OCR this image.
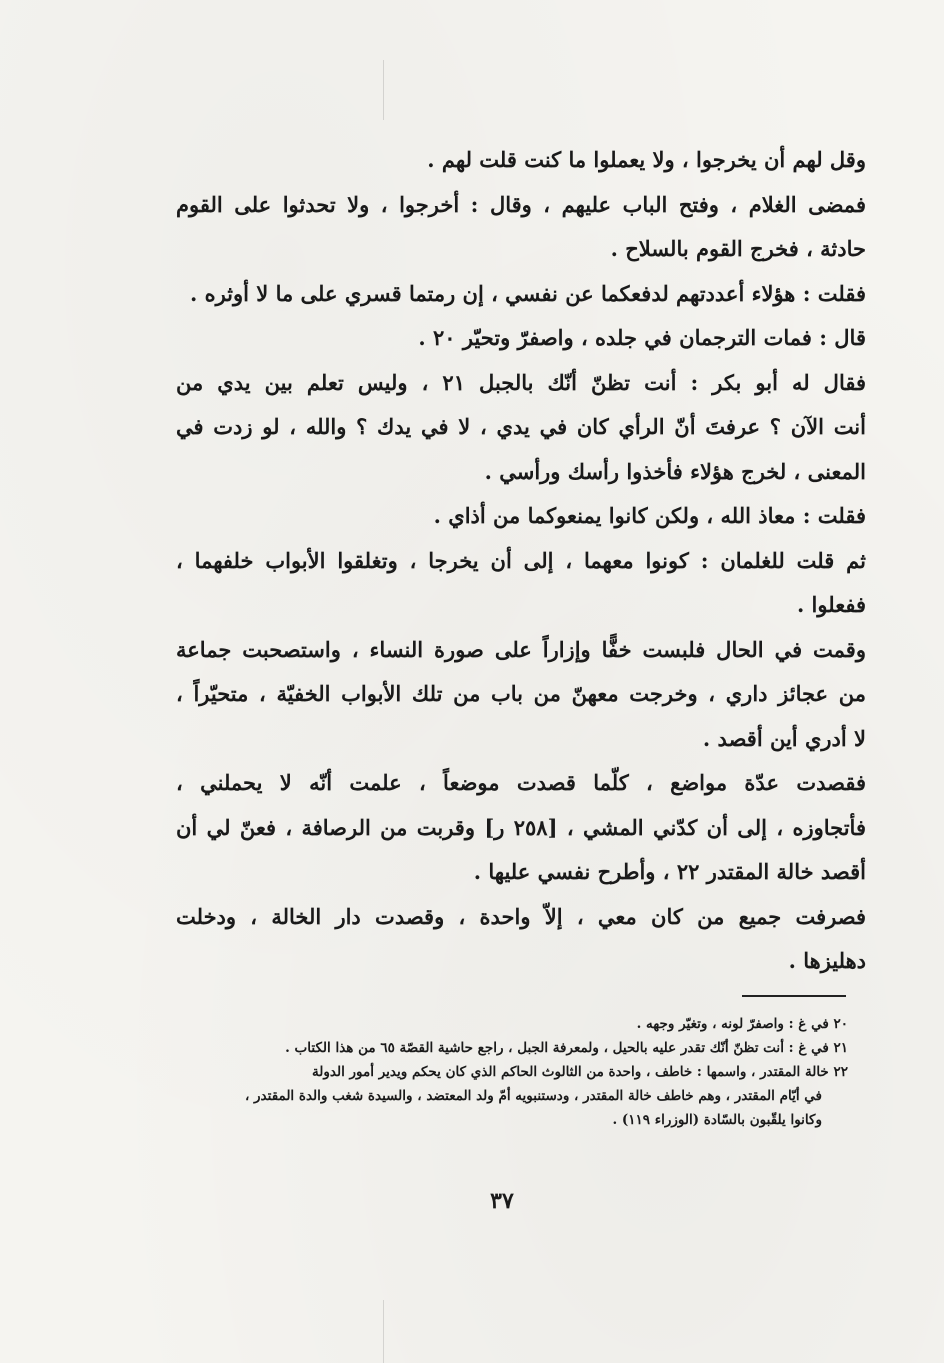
وقل لهم أن يخرجوا ، ولا يعملوا ما كنت قلت لهم .
فمضى الغلام ، وفتح الباب عليهم ، وقال : أخرجوا ، ولا تحدثوا على القوم
حادثة ، فخرج القوم بالسلاح .
فقلت : هؤلاء أعددتهم لدفعكما عن نفسي ، إن رمتما قسري على ما لا أوثره .
قال : فمات الترجمان في جلده ، واصفرّ وتحيّر ٢٠ .
فقال له أبو بكر : أنت تظنّ أنّك بالجبل ٢١ ، وليس تعلم بين يدي من
أنت الآن ؟ عرفتَ أنّ الرأي كان في يدي ، لا في يدك ؟ والله ، لو زدت في
المعنى ، لخرج هؤلاء فأخذوا رأسك ورأسي .
فقلت : معاذ الله ، ولكن كانوا يمنعوكما من أذاي .
ثم قلت للغلمان : كونوا معهما ، إلى أن يخرجا ، وتغلقوا الأبواب خلفهما ،
ففعلوا .
وقمت في الحال فلبست خفًّا وإزاراً على صورة النساء ، واستصحبت جماعة
من عجائز داري ، وخرجت معهنّ من باب من تلك الأبواب الخفيّة ، متحيّراً ،
لا أدري أين أقصد .
فقصدت عدّة مواضع ، كلّما قصدت موضعاً ، علمت أنّه لا يحملني ،
فأتجاوزه ، إلى أن كدّني المشي ، [٢٥٨ ر] وقربت من الرصافة ، فعنّ لي أن
أقصد خالة المقتدر ٢٢ ، وأطرح نفسي عليها .
فصرفت جميع من كان معي ، إلاّ واحدة ، وقصدت دار الخالة ، ودخلت
دهليزها .
٢٠ في غ : واصفرّ لونه ، وتغيّر وجهه .
٢١ في غ : أنت تظنّ أنّك تقدر عليه بالحيل ، ولمعرفة الجبل ، راجع حاشية القصّة ٦٥ من هذا الكتاب .
٢٢ خالة المقتدر ، واسمها : خاطف ، واحدة من الثالوث الحاكم الذي كان يحكم ويدير أمور الدولة
في أيّام المقتدر ، وهم خاطف خالة المقتدر ، ودستنبويه أمّ ولد المعتضد ، والسيدة شغب والدة المقتدر ،
وكانوا يلقّبون بالسّادة (الوزراء ١١٩) .
٣٧
